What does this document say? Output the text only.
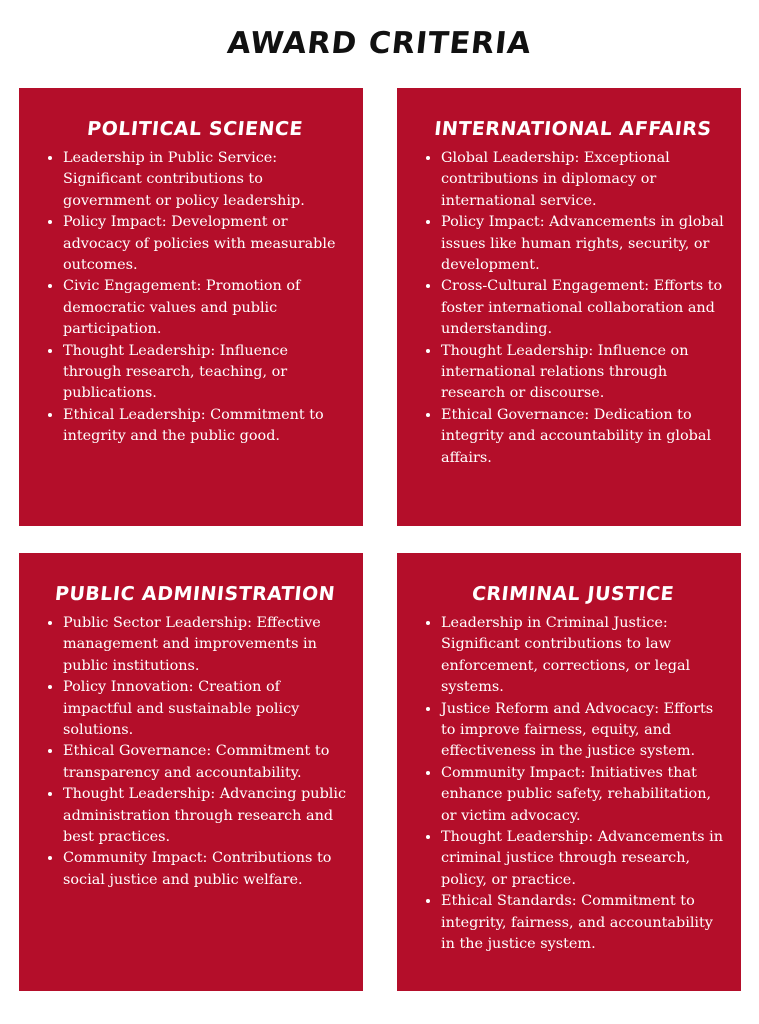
AWARD CRITERIA
POLITICAL SCIENCE
• Leadership in Public Service: Significant contributions to government or policy leadership.
• Policy Impact: Development or advocacy of policies with measurable outcomes.
• Civic Engagement: Promotion of democratic values and public participation.
• Thought Leadership: Influence through research, teaching, or publications.
• Ethical Leadership: Commitment to integrity and the public good.
INTERNATIONAL AFFAIRS
• Global Leadership: Exceptional contributions in diplomacy or international service.
• Policy Impact: Advancements in global issues like human rights, security, or development.
• Cross-Cultural Engagement: Efforts to foster international collaboration and understanding.
• Thought Leadership: Influence on international relations through research or discourse.
• Ethical Governance: Dedication to integrity and accountability in global affairs.
PUBLIC ADMINISTRATION
• Public Sector Leadership: Effective management and improvements in public institutions.
• Policy Innovation: Creation of impactful and sustainable policy solutions.
• Ethical Governance: Commitment to transparency and accountability.
• Thought Leadership: Advancing public administration through research and best practices.
• Community Impact: Contributions to social justice and public welfare.
CRIMINAL JUSTICE
• Leadership in Criminal Justice: Significant contributions to law enforcement, corrections, or legal systems.
• Justice Reform and Advocacy: Efforts to improve fairness, equity, and effectiveness in the justice system.
• Community Impact: Initiatives that enhance public safety, rehabilitation, or victim advocacy.
• Thought Leadership: Advancements in criminal justice through research, policy, or practice.
• Ethical Standards: Commitment to integrity, fairness, and accountability in the justice system.
